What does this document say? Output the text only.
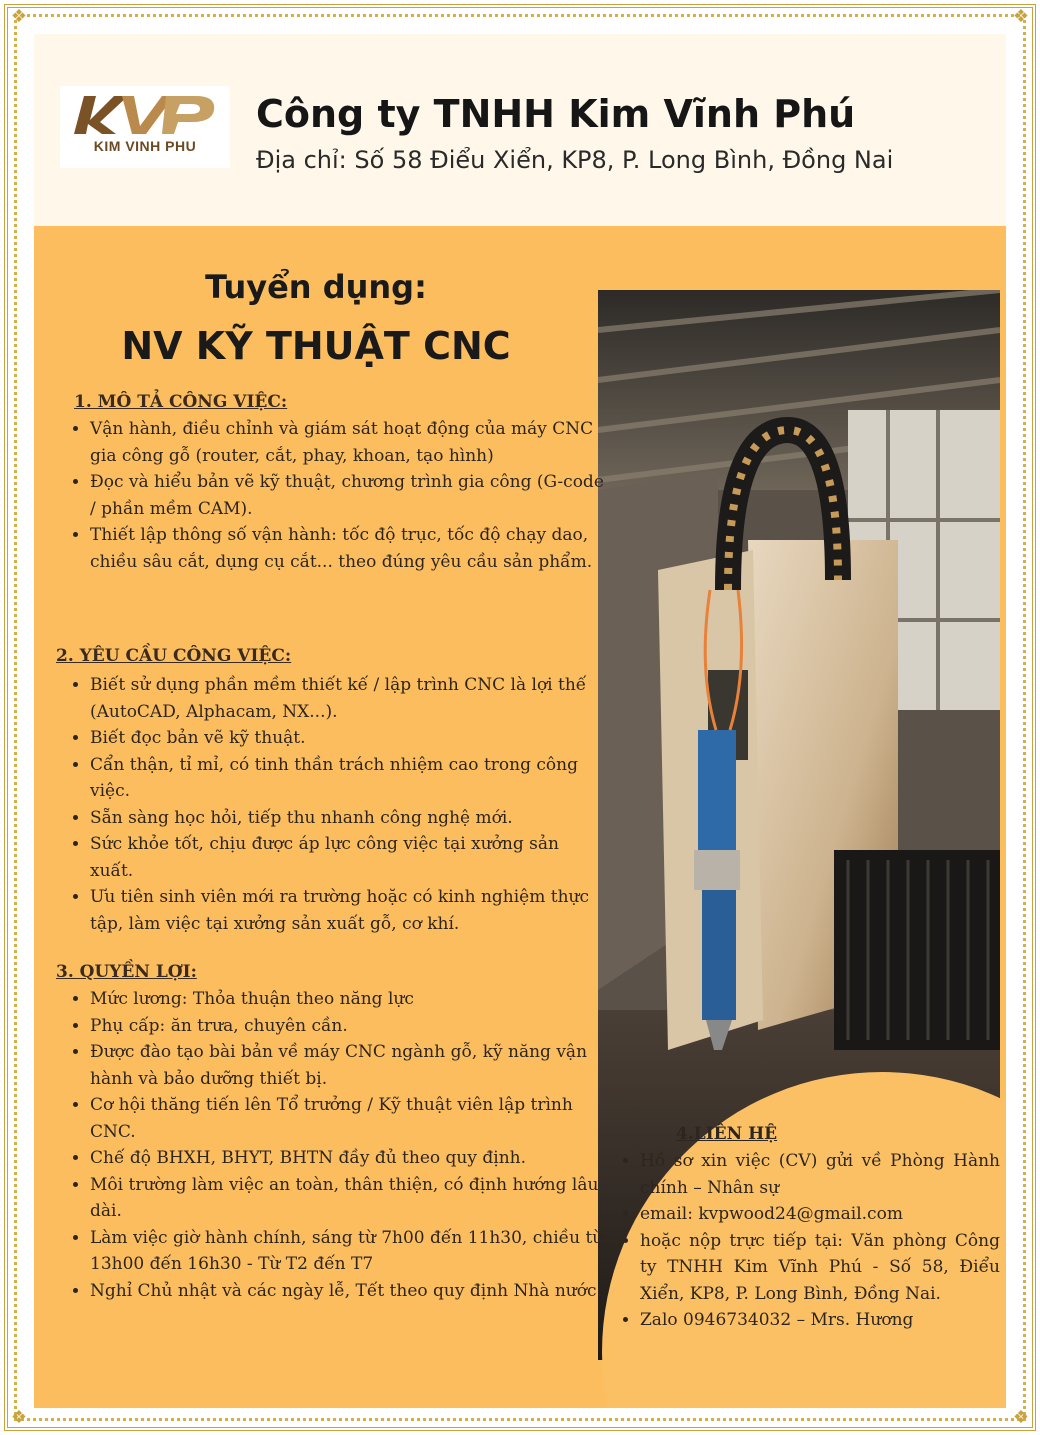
❖	❖
❖	❖
KIM VINH PHU
Công ty TNHH Kim Vĩnh Phú
Địa chỉ: Số 58 Điểu Xiển, KP8, P. Long Bình, Đồng Nai
Tuyển dụng:
NV KỸ THUẬT CNC
1. MÔ TẢ CÔNG VIỆC:
• Vận hành, điều chỉnh và giám sát hoạt động của máy CNC gia công gỗ (router, cắt, phay, khoan, tạo hình)
• Đọc và hiểu bản vẽ kỹ thuật, chương trình gia công (G-code / phần mềm CAM).
• Thiết lập thông số vận hành: tốc độ trục, tốc độ chạy dao, chiều sâu cắt, dụng cụ cắt... theo đúng yêu cầu sản phẩm.
2. YÊU CẦU CÔNG VIỆC:
• Biết sử dụng phần mềm thiết kế / lập trình CNC là lợi thế (AutoCAD, Alphacam, NX...).
• Biết đọc bản vẽ kỹ thuật.
• Cẩn thận, tỉ mỉ, có tinh thần trách nhiệm cao trong công việc.
• Sẵn sàng học hỏi, tiếp thu nhanh công nghệ mới.
• Sức khỏe tốt, chịu được áp lực công việc tại xưởng sản xuất.
• Ưu tiên sinh viên mới ra trường hoặc có kinh nghiệm thực tập, làm việc tại xưởng sản xuất gỗ, cơ khí.
3. QUYỀN LỢI:
• Mức lương: Thỏa thuận theo năng lực
• Phụ cấp: ăn trưa, chuyên cần.
• Được đào tạo bài bản về máy CNC ngành gỗ, kỹ năng vận hành và bảo dưỡng thiết bị.
• Cơ hội thăng tiến lên Tổ trưởng / Kỹ thuật viên lập trình CNC.
• Chế độ BHXH, BHYT, BHTN đầy đủ theo quy định.
• Môi trường làm việc an toàn, thân thiện, có định hướng lâu dài.
• Làm việc giờ hành chính, sáng từ 7h00 đến 11h30, chiều từ 13h00 đến 16h30 - Từ T2 đến T7
• Nghỉ Chủ nhật và các ngày lễ, Tết theo quy định Nhà nước.
4.LIÊN HỆ
• Hồ sơ xin việc (CV) gửi về Phòng Hành chính – Nhân sự
• email: kvpwood24@gmail.com
• hoặc nộp trực tiếp tại: Văn phòng Công ty TNHH Kim Vĩnh Phú - Số 58, Điểu Xiển, KP8, P. Long Bình, Đồng Nai.
• Zalo 0946734032 – Mrs. Hương
